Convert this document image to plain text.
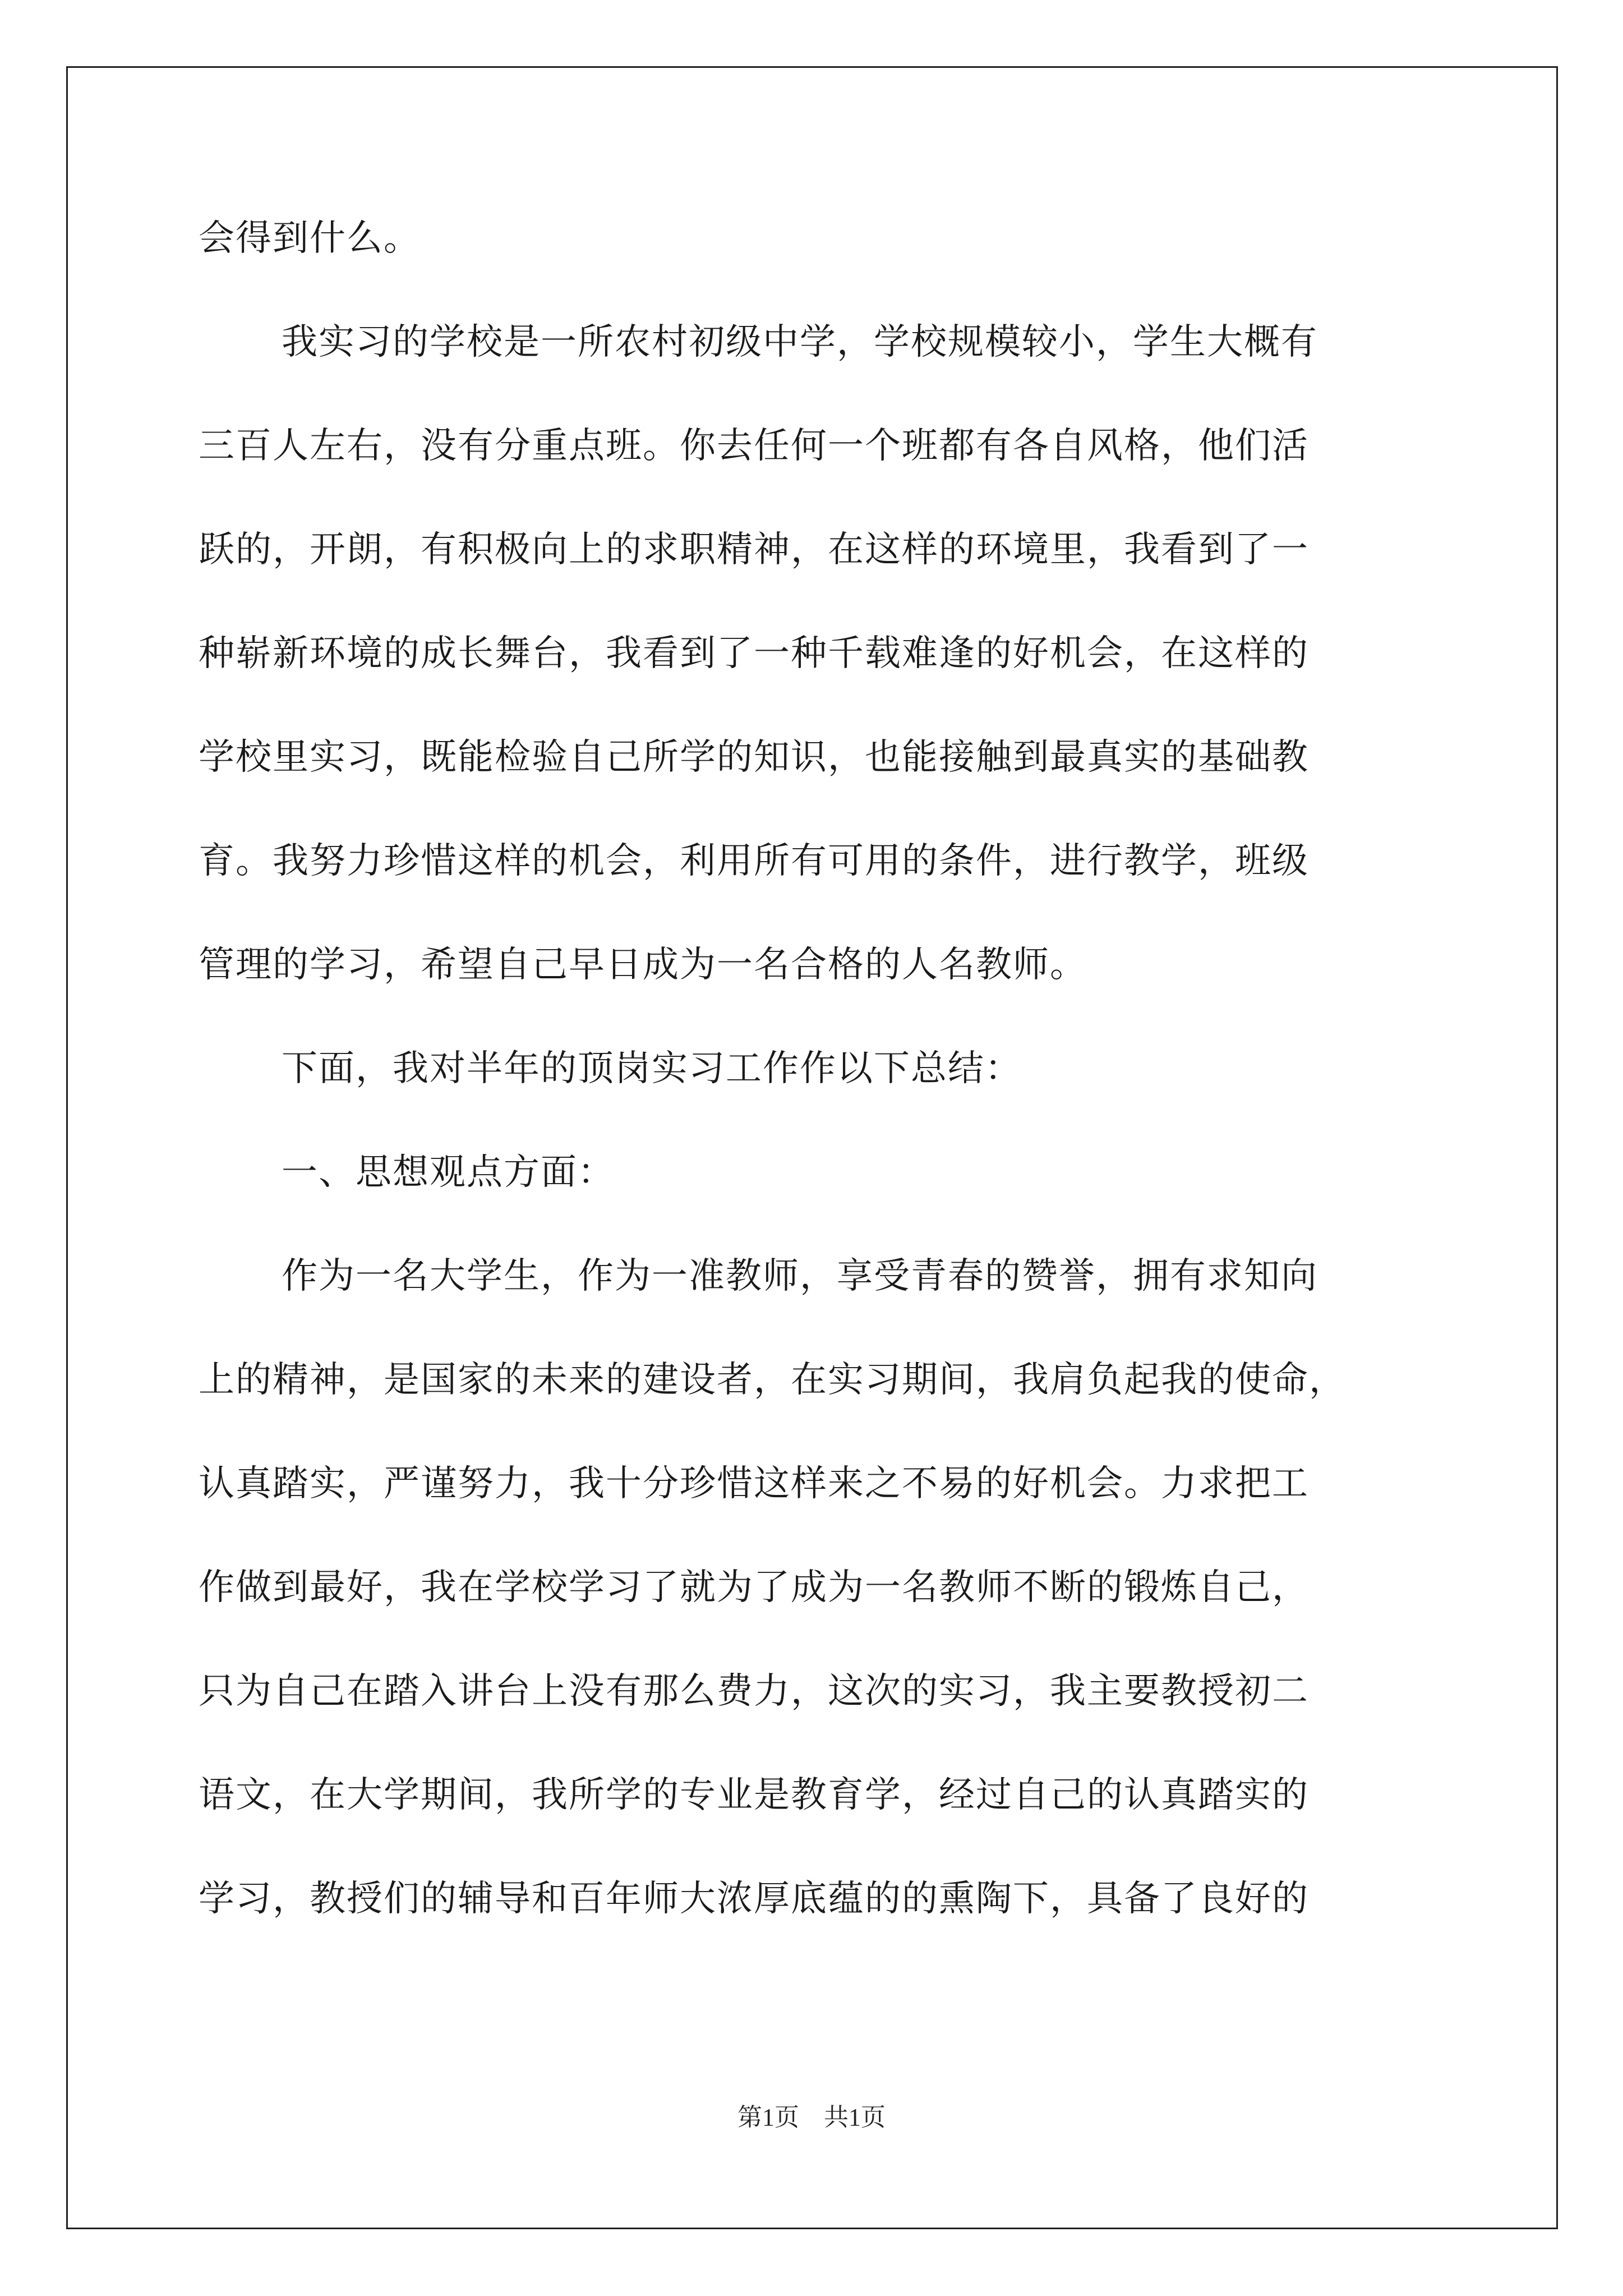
会得到什么。
我实习的学校是一所农村初级中学，学校规模较小，学生大概有
三百人左右，没有分重点班。你去任何一个班都有各自风格，他们活
跃的，开朗，有积极向上的求职精神，在这样的环境里，我看到了一
种崭新环境的成长舞台，我看到了一种千载难逢的好机会，在这样的
学校里实习，既能检验自己所学的知识，也能接触到最真实的基础教
育。我努力珍惜这样的机会，利用所有可用的条件，进行教学，班级
管理的学习，希望自己早日成为一名合格的人名教师。
下面，我对半年的顶岗实习工作作以下总结：
一、思想观点方面：
作为一名大学生，作为一准教师，享受青春的赞誉，拥有求知向
上的精神，是国家的未来的建设者，在实习期间，我肩负起我的使命，
认真踏实，严谨努力，我十分珍惜这样来之不易的好机会。力求把工
作做到最好，我在学校学习了就为了成为一名教师不断的锻炼自己，
只为自己在踏入讲台上没有那么费力，这次的实习，我主要教授初二
语文，在大学期间，我所学的专业是教育学，经过自己的认真踏实的
学习，教授们的辅导和百年师大浓厚底蕴的的熏陶下，具备了良好的
第1页　共1页
